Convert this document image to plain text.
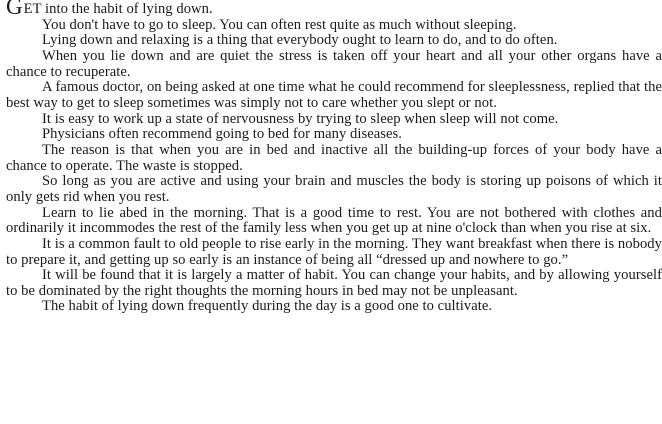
GET into the habit of lying down.

You don't have to go to sleep. You can often rest quite as much without sleeping.

Lying down and relaxing is a thing that everybody ought to learn to do, and to do often.

When you lie down and are quiet the stress is taken off your heart and all your other organs have a chance to recuperate.

A famous doctor, on being asked at one time what he could recommend for sleeplessness, replied that the best way to get to sleep sometimes was simply not to care whether you slept or not.

It is easy to work up a state of nervousness by trying to sleep when sleep will not come.

Physicians often recommend going to bed for many diseases.

The reason is that when you are in bed and inactive all the building-up forces of your body have a chance to operate. The waste is stopped.

So long as you are active and using your brain and muscles the body is storing up poisons of which it only gets rid when you rest.

Learn to lie abed in the morning. That is a good time to rest. You are not bothered with clothes and ordinarily it incommodes the rest of the family less when you get up at nine o'clock than when you rise at six.

It is a common fault to old people to rise early in the morning. They want breakfast when there is nobody to prepare it, and getting up so early is an instance of being all “dressed up and nowhere to go.”

It will be found that it is largely a matter of habit. You can change your habits, and by allowing yourself to be dominated by the right thoughts the morning hours in bed may not be unpleasant.

The habit of lying down frequently during the day is a good one to cultivate.
